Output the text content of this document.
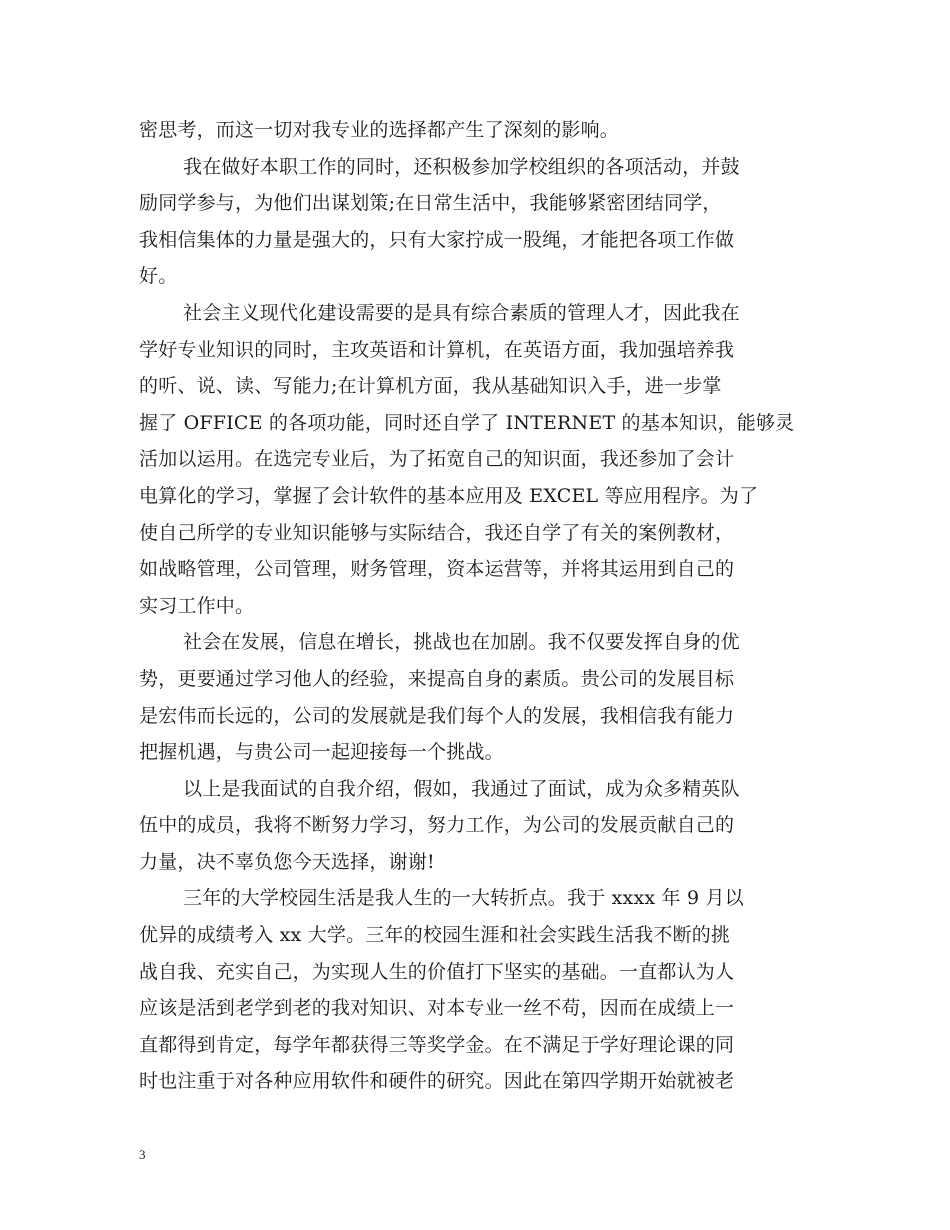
密思考，而这一切对我专业的选择都产生了深刻的影响。
我在做好本职工作的同时，还积极参加学校组织的各项活动，并鼓
励同学参与，为他们出谋划策;在日常生活中，我能够紧密团结同学，
我相信集体的力量是强大的，只有大家拧成一股绳，才能把各项工作做
好。
社会主义现代化建设需要的是具有综合素质的管理人才，因此我在
学好专业知识的同时，主攻英语和计算机，在英语方面，我加强培养我
的听、说、读、写能力;在计算机方面，我从基础知识入手，进一步掌
握了 OFFICE 的各项功能，同时还自学了 INTERNET 的基本知识，能够灵
活加以运用。在选完专业后，为了拓宽自己的知识面，我还参加了会计
电算化的学习，掌握了会计软件的基本应用及 EXCEL 等应用程序。为了
使自己所学的专业知识能够与实际结合，我还自学了有关的案例教材，
如战略管理，公司管理，财务管理，资本运营等，并将其运用到自己的
实习工作中。
社会在发展，信息在增长，挑战也在加剧。我不仅要发挥自身的优
势，更要通过学习他人的经验，来提高自身的素质。贵公司的发展目标
是宏伟而长远的，公司的发展就是我们每个人的发展，我相信我有能力
把握机遇，与贵公司一起迎接每一个挑战。
以上是我面试的自我介绍，假如，我通过了面试，成为众多精英队
伍中的成员，我将不断努力学习，努力工作，为公司的发展贡献自己的
力量，决不辜负您今天选择，谢谢!
三年的大学校园生活是我人生的一大转折点。我于 xxxx 年 9 月以
优异的成绩考入 xx 大学。三年的校园生涯和社会实践生活我不断的挑
战自我、充实自己，为实现人生的价值打下坚实的基础。一直都认为人
应该是活到老学到老的我对知识、对本专业一丝不苟，因而在成绩上一
直都得到肯定，每学年都获得三等奖学金。在不满足于学好理论课的同
时也注重于对各种应用软件和硬件的研究。因此在第四学期开始就被老
3
